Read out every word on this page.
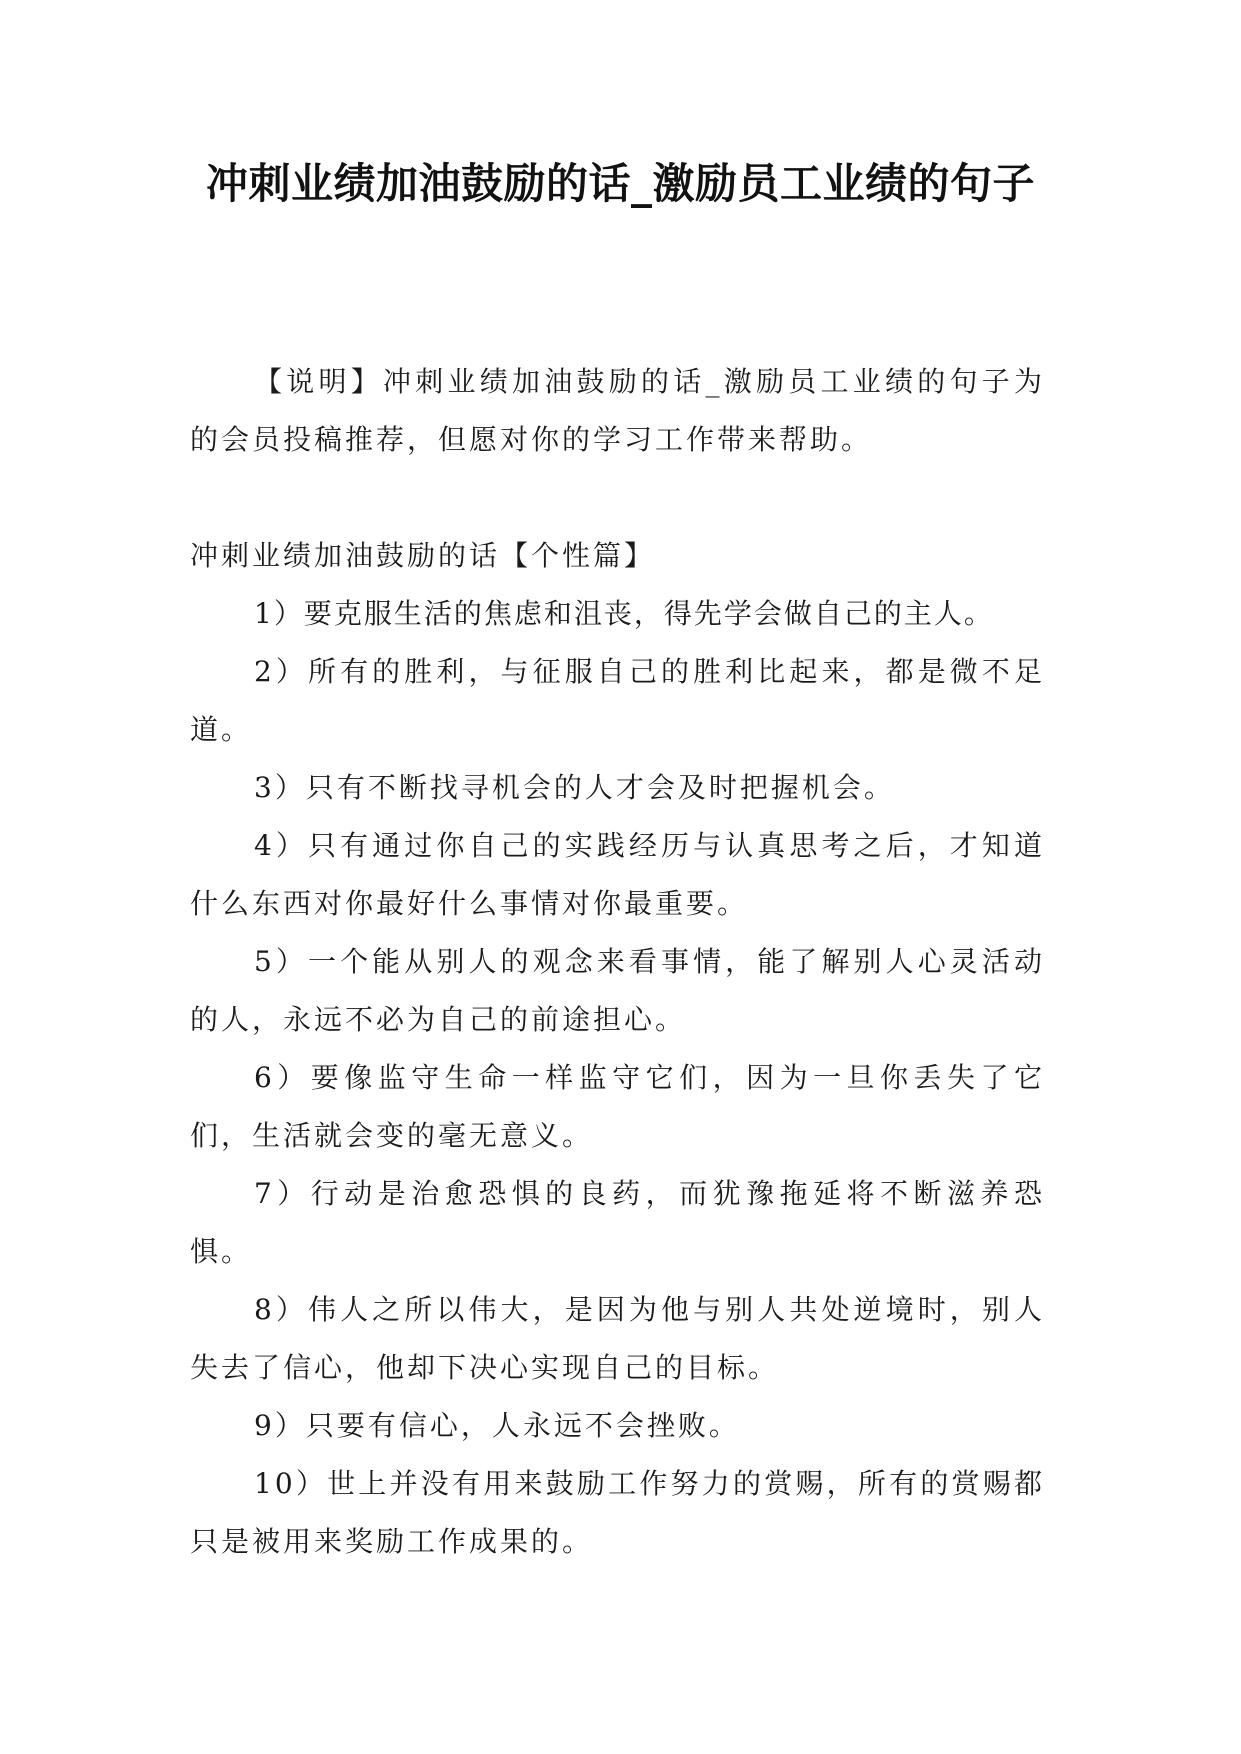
冲刺业绩加油鼓励的话_激励员工业绩的句子

【说明】冲刺业绩加油鼓励的话_激励员工业绩的句子为的会员投稿推荐，但愿对你的学习工作带来帮助。

冲刺业绩加油鼓励的话【个性篇】

1）要克服生活的焦虑和沮丧，得先学会做自己的主人。
2）所有的胜利，与征服自己的胜利比起来，都是微不足道。
3）只有不断找寻机会的人才会及时把握机会。
4）只有通过你自己的实践经历与认真思考之后，才知道什么东西对你最好什么事情对你最重要。
5）一个能从别人的观念来看事情，能了解别人心灵活动的人，永远不必为自己的前途担心。
6）要像监守生命一样监守它们，因为一旦你丢失了它们，生活就会变的毫无意义。
7）行动是治愈恐惧的良药，而犹豫拖延将不断滋养恐惧。
8）伟人之所以伟大，是因为他与别人共处逆境时，别人失去了信心，他却下决心实现自己的目标。
9）只要有信心，人永远不会挫败。
10）世上并没有用来鼓励工作努力的赏赐，所有的赏赐都只是被用来奖励工作成果的。
